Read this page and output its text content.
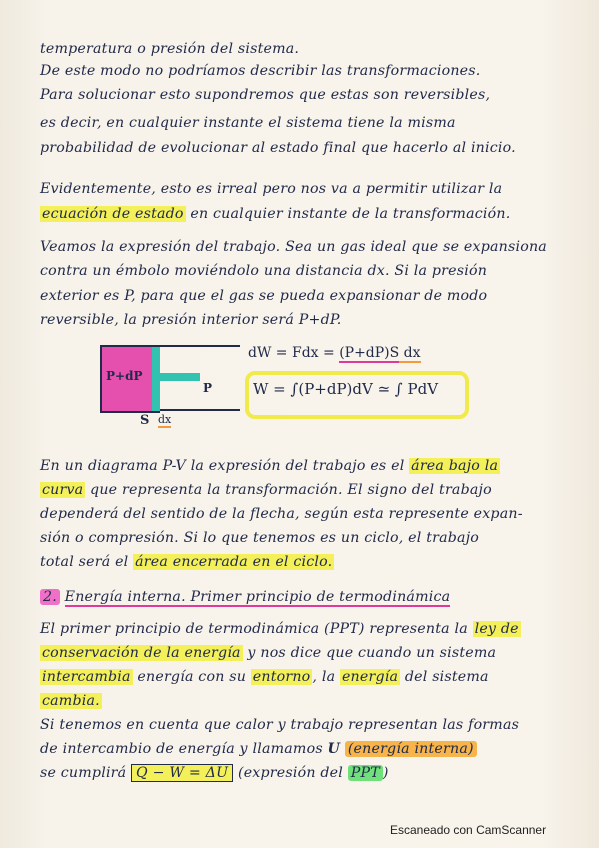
temperatura o presión del sistema.
De este modo no podríamos describir las transformaciones.
Para solucionar esto supondremos que estas son reversibles,
es decir, en cualquier instante el sistema tiene la misma
probabilidad de evolucionar al estado final que hacerlo al inicio.
Evidentemente, esto es irreal pero nos va a permitir utilizar la
ecuación de estado en cualquier instante de la transformación.
Veamos la expresión del trabajo. Sea un gas ideal que se expansiona
contra un émbolo moviéndolo una distancia dx. Si la presión
exterior es P, para que el gas se pueda expansionar de modo
reversible, la presión interior será P+dP.
P+dP
P
S dx
dW = Fdx = (P+dP)S dx
W = ∫(P+dP)dV ≃ ∫ PdV
En un diagrama P-V la expresión del trabajo es el área bajo la
curva que representa la transformación. El signo del trabajo
dependerá del sentido de la flecha, según esta represente expan-
sión o compresión. Si lo que tenemos es un ciclo, el trabajo
total será el área encerrada en el ciclo.
2. Energía interna. Primer principio de termodinámica
El primer principio de termodinámica (PPT) representa la ley de
conservación de la energía y nos dice que cuando un sistema
intercambia energía con su entorno , la energía del sistema
cambia.
Si tenemos en cuenta que calor y trabajo representan las formas
de intercambio de energía y llamamos U (energía interna)
se cumplirá Q − W = ΔU (expresión del PPT )
Escaneado con CamScanner
